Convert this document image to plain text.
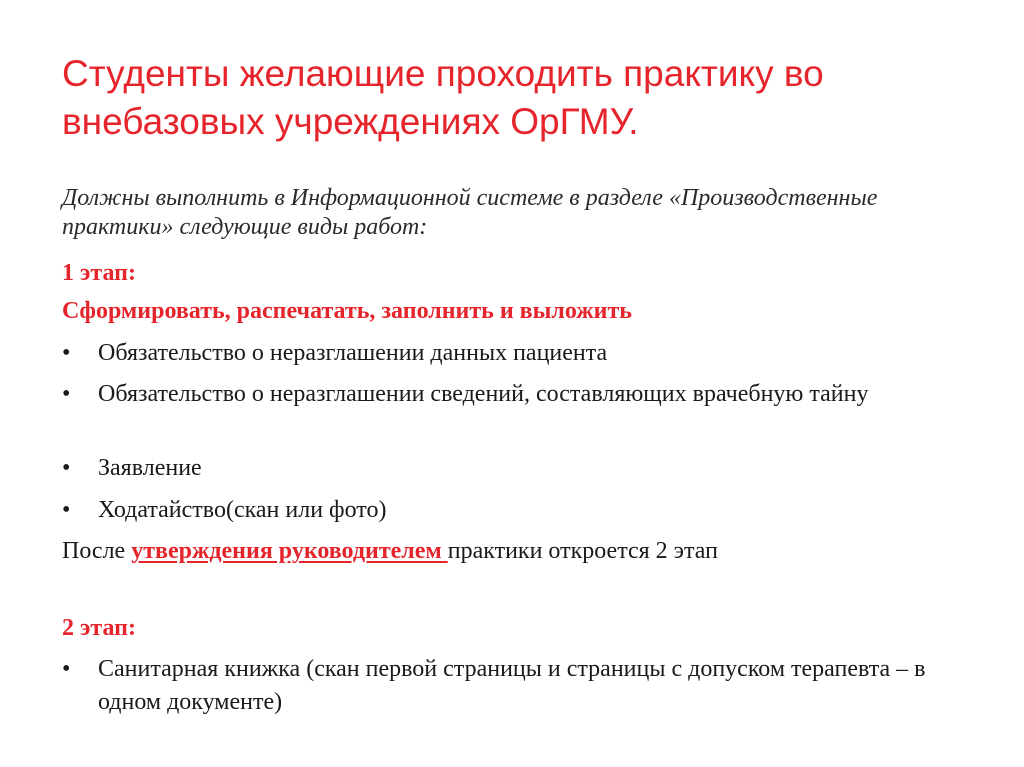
Студенты желающие проходить практику во внебазовых учреждениях ОрГМУ.
Должны выполнить в Информационной системе в разделе «Производственные практики» следующие виды работ:
1 этап:
Сформировать, распечатать, заполнить и выложить
•	Обязательство о неразглашении данных пациента
•	Обязательство о неразглашении сведений, составляющих врачебную тайну
•	Заявление
•	Ходатайство(скан или фото)
После утверждения руководителем практики откроется 2 этап
2 этап:
•	Санитарная книжка (скан первой страницы и страницы с допуском терапевта – в одном документе)
